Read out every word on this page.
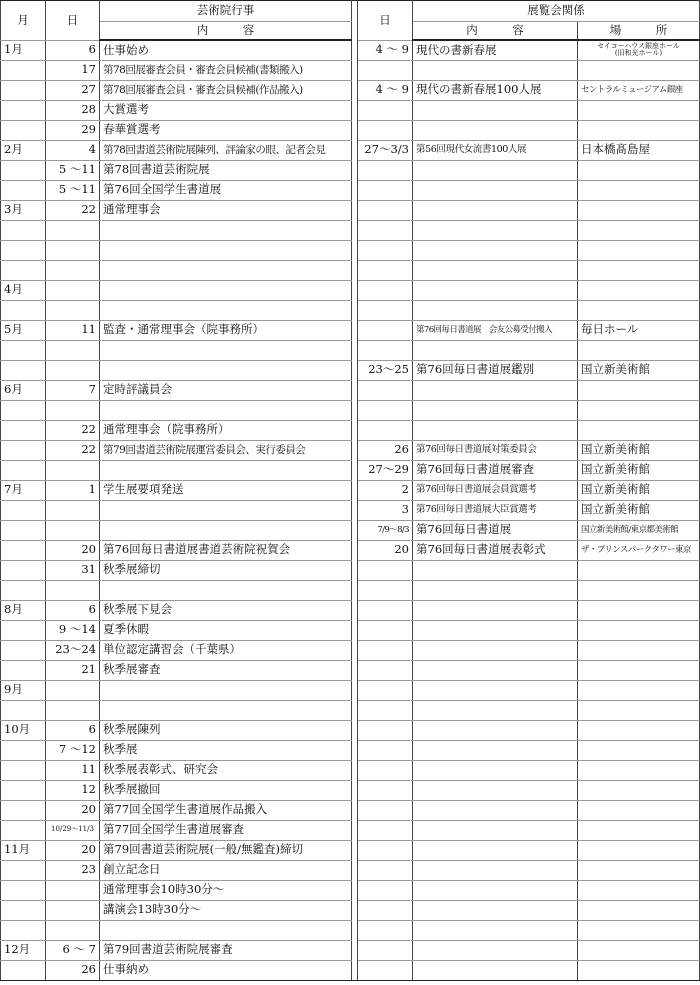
月	日	芸術院行事		日	展覧会関係	
		内　　　容			内　　　容	場　　　所
1月	6	仕事始め		4 〜 9	現代の書新春展	セイコーハウス銀座ホール
(旧和光ホール)
	17	第78回展審査会員・審査会員候補(書類搬入)				
	27	第78回展審査会員・審査会員候補(作品搬入)		4 〜 9	現代の書新春展100人展	セントラルミュージアム銀座
	28	大賞選考				
	29	春華賞選考				
2月	4	第78回書道芸術院展陳列、評論家の眼、記者会見		27〜3/3	第56回現代女流書100人展	日本橋髙島屋
	5 〜11	第78回書道芸術院展				
	5 〜11	第76回全国学生書道展				
3月	22	通常理事会				

4月						

5月	11	監査・通常理事会（院事務所）			第76回毎日書道展　会友公募受付搬入	毎日ホール

				23〜25	第76回毎日書道展鑑別	国立新美術館
6月	7	定時評議員会				

	22	通常理事会（院事務所）				
	22	第79回書道芸術院展運営委員会、実行委員会		26	第76回毎日書道展対策委員会	国立新美術館
				27〜29	第76回毎日書道展審査	国立新美術館
7月	1	学生展要項発送		2	第76回毎日書道展会員賞選考	国立新美術館
				3	第76回毎日書道展大臣賞選考	国立新美術館
				7/9〜8/3	第76回毎日書道展	国立新美術館/東京都美術館
	20	第76回毎日書道展書道芸術院祝賀会		20	第76回毎日書道展表彰式	ザ・プリンスパークタワー東京
	31	秋季展締切				

8月	6	秋季展下見会				
	9 〜14	夏季休暇				
	23〜24	単位認定講習会（千葉県）				
	21	秋季展審査				
9月						

10月	6	秋季展陳列				
	7 〜12	秋季展				
	11	秋季展表彰式、研究会				
	12	秋季展撤回				
	20	第77回全国学生書道展作品搬入				
	10/29〜11/3	第77回全国学生書道展審査				
11月	20	第79回書道芸術院展(一般/無鑑査)締切				
	23	創立記念日				
		通常理事会10時30分〜				
		講演会13時30分〜				

12月	6 〜 7	第79回書道芸術院展審査				
	26	仕事納め				
